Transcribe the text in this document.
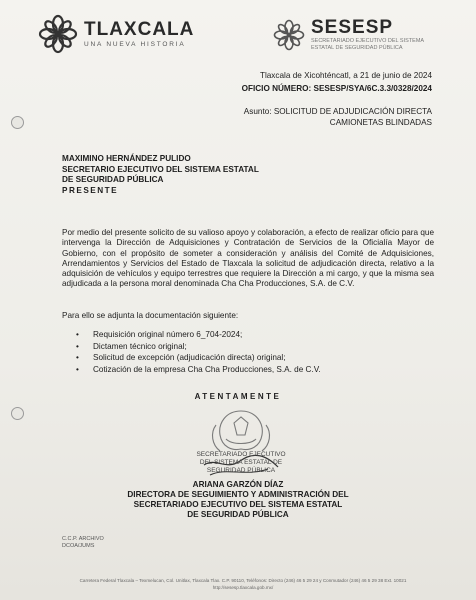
TLAXCALA
UNA NUEVA HISTORIA
SESESP
SECRETARIADO EJECUTIVO DEL SISTEMA ESTATAL DE SEGURIDAD PÚBLICA
Tlaxcala de Xicohténcatl, a 21 de junio de 2024
OFICIO NÚMERO: SESESP/SYA/6C.3.3/0328/2024
Asunto: SOLICITUD DE ADJUDICACIÓN DIRECTA
CAMIONETAS BLINDADAS
MAXIMINO HERNÁNDEZ PULIDO
SECRETARIO EJECUTIVO DEL SISTEMA ESTATAL
DE SEGURIDAD PÚBLICA
PRESENTE
Por medio del presente solicito de su valioso apoyo y colaboración, a efecto de realizar oficio para que intervenga la Dirección de Adquisiciones y Contratación de Servicios de la Oficialía Mayor de Gobierno, con el propósito de someter a consideración y análisis del Comité de Adquisiciones, Arrendamientos y Servicios del Estado de Tlaxcala la solicitud de adjudicación directa, relativo a la adquisición de vehículos y equipo terrestres que requiere la Dirección a mi cargo, y que la misma sea adjudicada a la persona moral denominada Cha Cha Producciones, S.A. de C.V.
Para ello se adjunta la documentación siguiente:
• Requisición original número 6_704-2024;
• Dictamen técnico original;
• Solicitud de excepción (adjudicación directa) original;
• Cotización de la empresa Cha Cha Producciones, S.A. de C.V.
ATENTAMENTE
SECRETARIADO EJECUTIVO
DEL SISTEMA ESTATAL DE
SEGURIDAD PÚBLICA
ARIANA GARZÓN DÍAZ
DIRECTORA DE SEGUIMIENTO Y ADMINISTRACIÓN DEL
SECRETARIADO EJECUTIVO DEL SISTEMA ESTATAL
DE SEGURIDAD PÚBLICA
C.C.P. ARCHIVO
DCOA/JUMS
Carretera Federal Tlaxcala – Texmelucan, Col. Unitlax, Tlaxcala Tlax. C.P. 90110, Teléfonos: Directo (246) 46 5 29 24 y Conmutador (246) 46 5 29 38 Ext. 10021
http://sesesp.tlaxcala.gob.mx/
